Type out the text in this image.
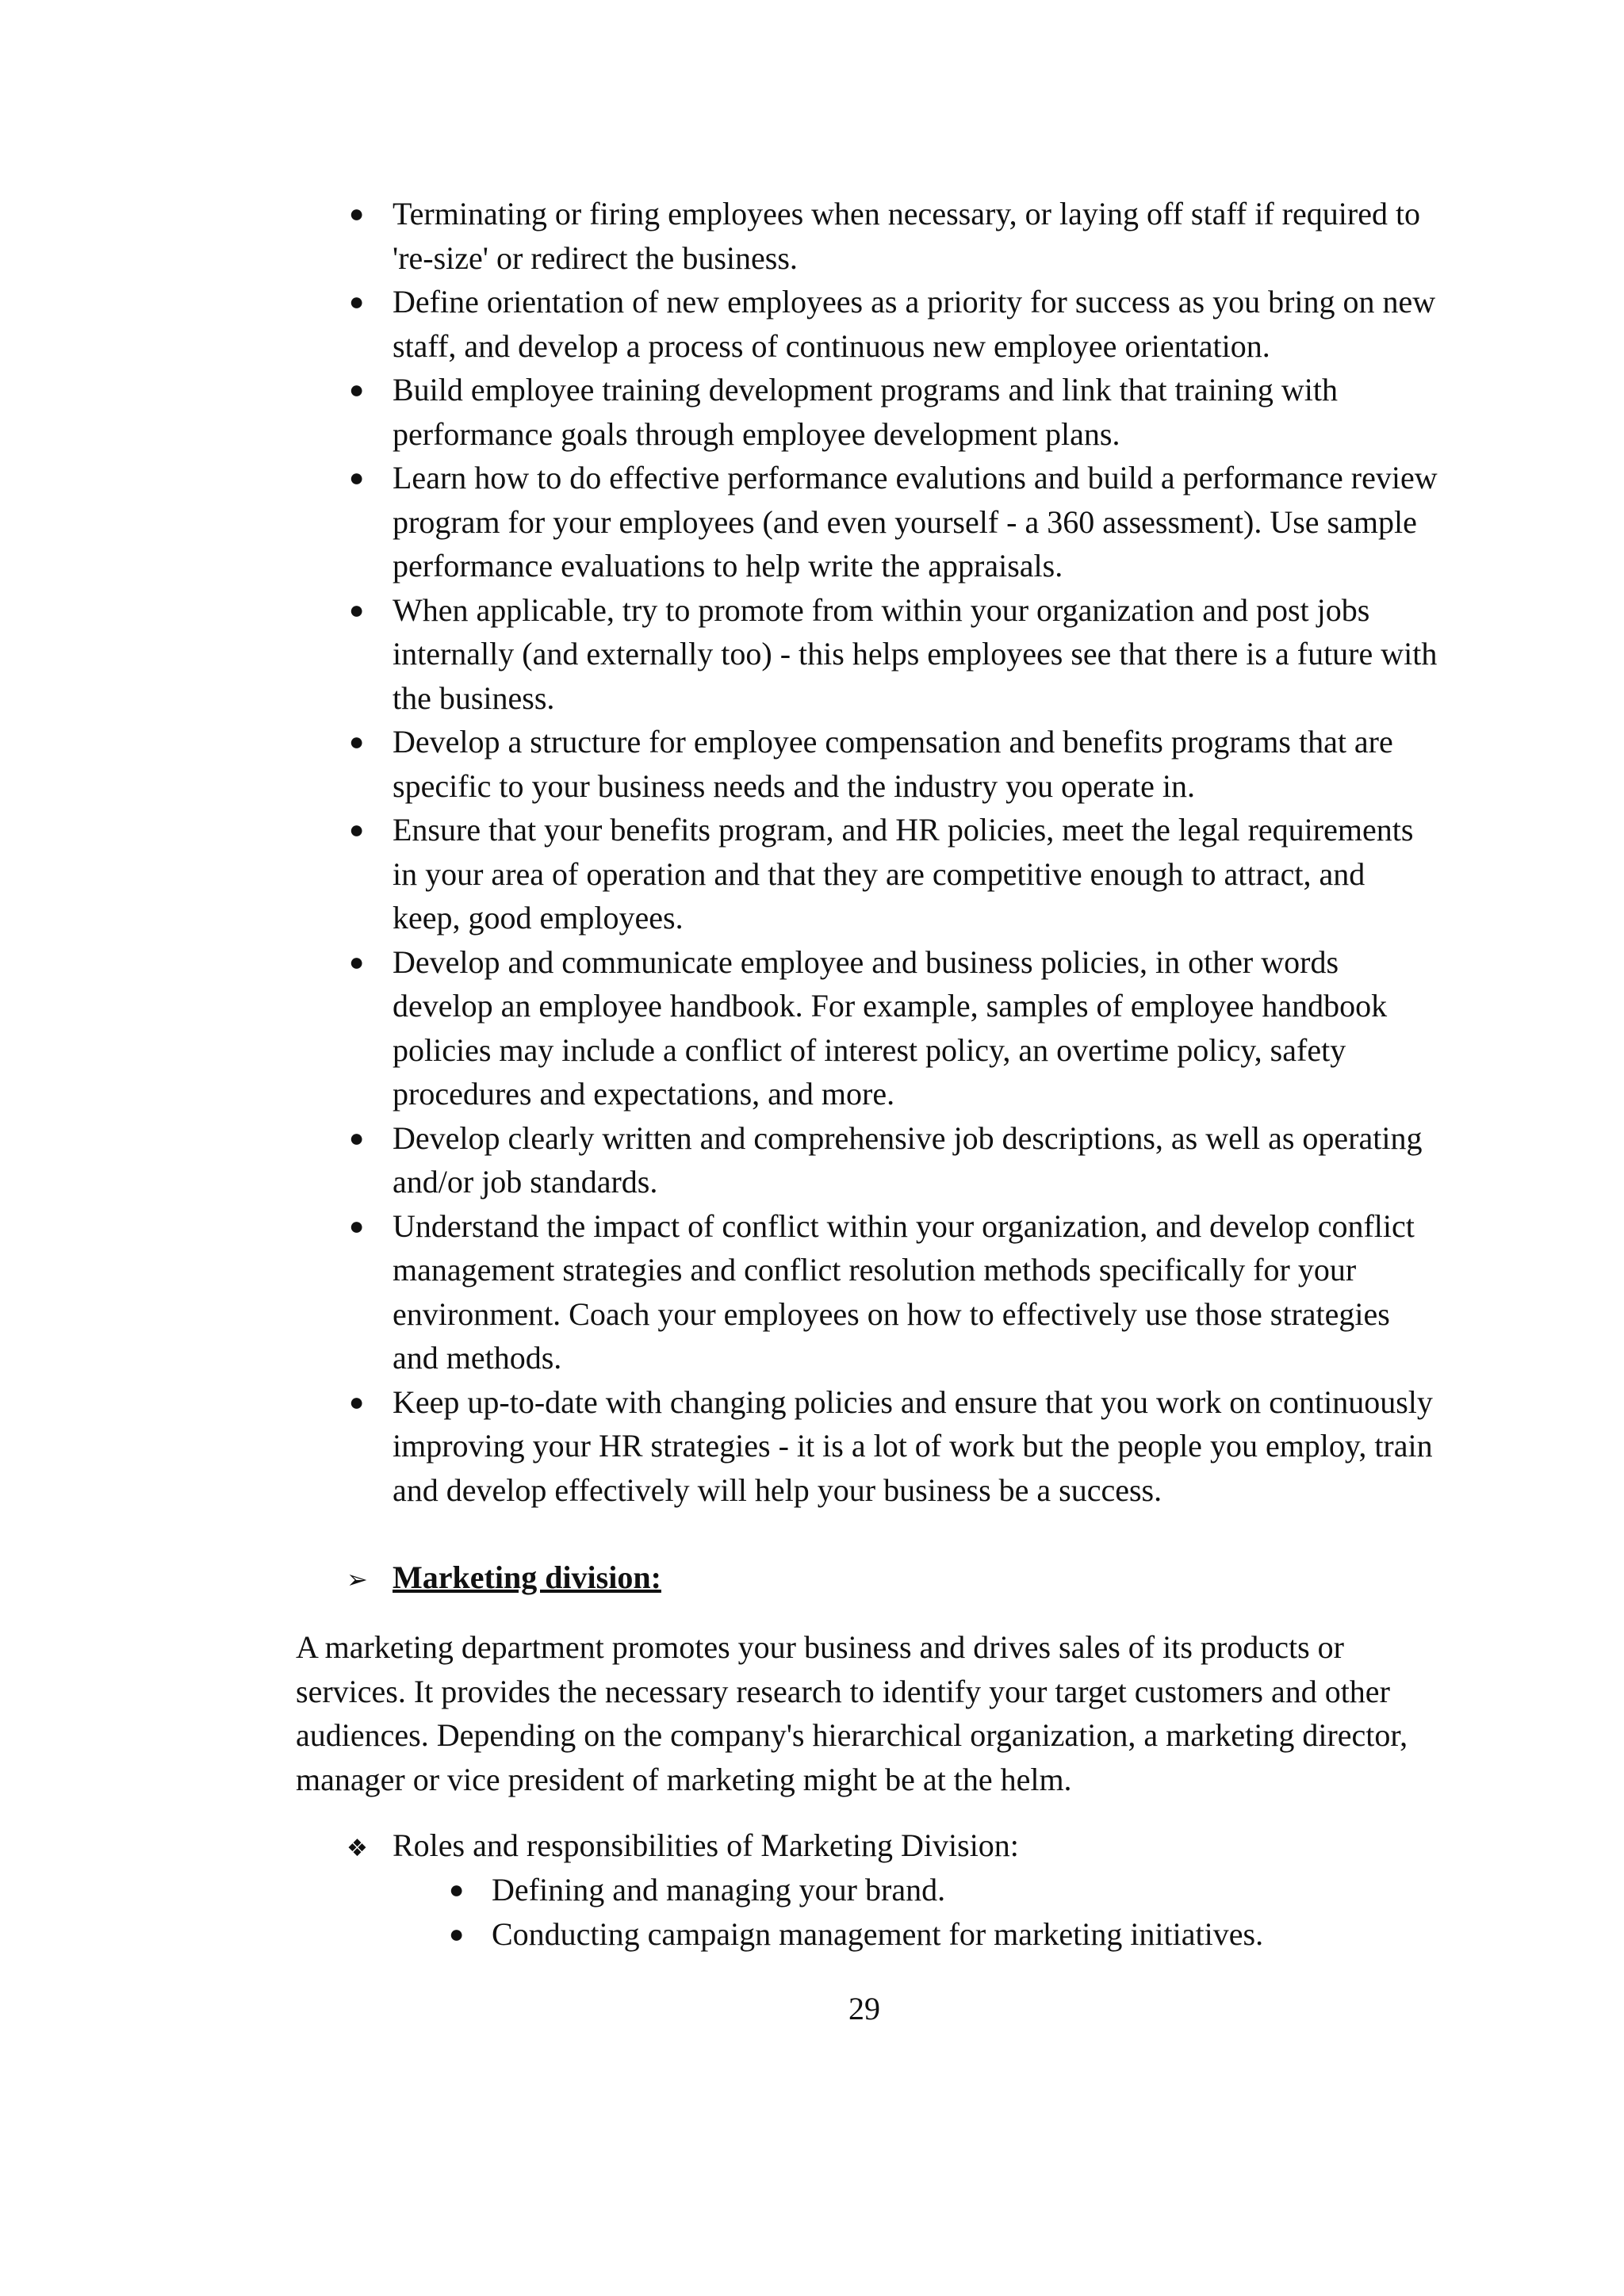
● Terminating or firing employees when necessary, or laying off staff if required to 're-size' or redirect the business.
● Define orientation of new employees as a priority for success as you bring on new staff, and develop a process of continuous new employee orientation.
● Build employee training development programs and link that training with performance goals through employee development plans.
● Learn how to do effective performance evalutions and build a performance review program for your employees (and even yourself - a 360 assessment). Use sample performance evaluations to help write the appraisals.
● When applicable, try to promote from within your organization and post jobs internally (and externally too) - this helps employees see that there is a future with the business.
● Develop a structure for employee compensation and benefits programs that are specific to your business needs and the industry you operate in.
● Ensure that your benefits program, and HR policies, meet the legal requirements in your area of operation and that they are competitive enough to attract, and keep, good employees.
● Develop and communicate employee and business policies, in other words develop an employee handbook. For example, samples of employee handbook policies may include a conflict of interest policy, an overtime policy, safety procedures and expectations, and more.
● Develop clearly written and comprehensive job descriptions, as well as operating and/or job standards.
● Understand the impact of conflict within your organization, and develop conflict management strategies and conflict resolution methods specifically for your environment. Coach your employees on how to effectively use those strategies and methods.
● Keep up-to-date with changing policies and ensure that you work on continuously improving your HR strategies - it is a lot of work but the people you employ, train and develop effectively will help your business be a success.
➢ Marketing division:

A marketing department promotes your business and drives sales of its products or services. It provides the necessary research to identify your target customers and other audiences. Depending on the company's hierarchical organization, a marketing director, manager or vice president of marketing might be at the helm.

❖ Roles and responsibilities of Marketing Division:
● Defining and managing your brand.
● Conducting campaign management for marketing initiatives.
29
